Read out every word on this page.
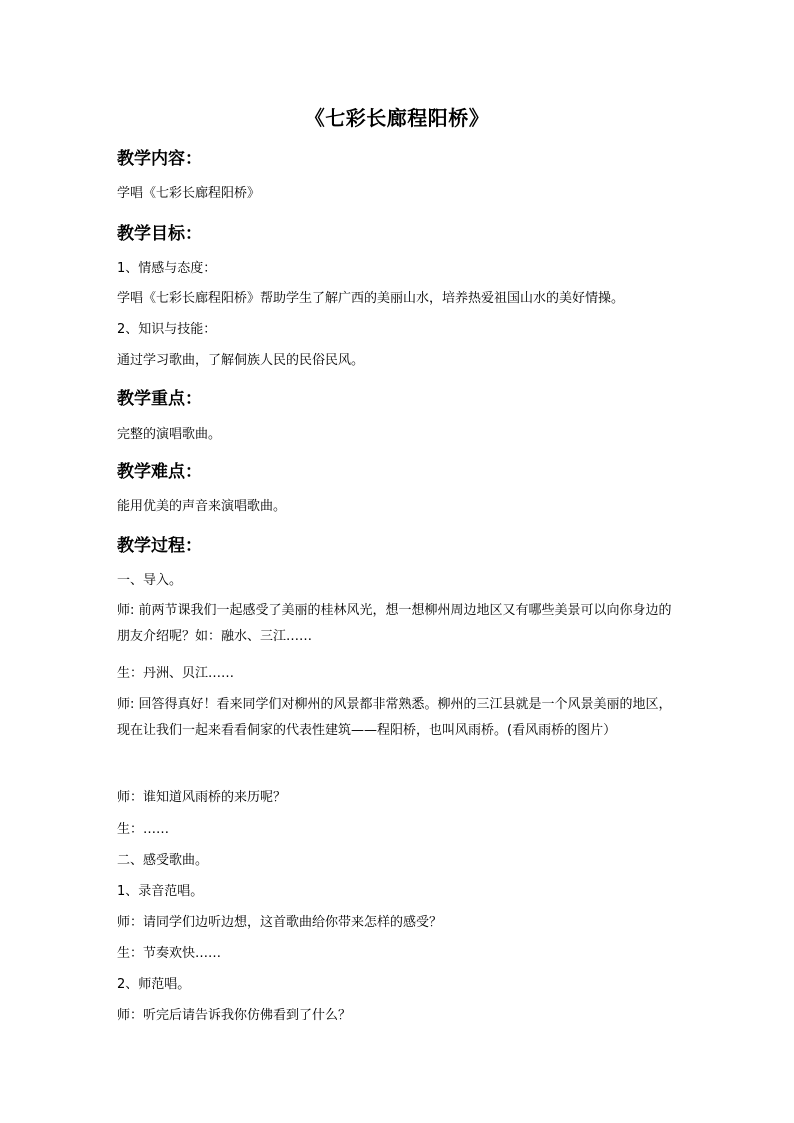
《七彩长廊程阳桥》
教学内容：
学唱《七彩长廊程阳桥》
教学目标：
1、情感与态度：
学唱《七彩长廊程阳桥》帮助学生了解广西的美丽山水，培养热爱祖国山水的美好情操。
2、知识与技能：
通过学习歌曲，了解侗族人民的民俗民风。
教学重点：
完整的演唱歌曲。
教学难点：
能用优美的声音来演唱歌曲。
教学过程：
一、导入。
师: 前两节课我们一起感受了美丽的桂林风光，想一想柳州周边地区又有哪些美景可以向你身边的朋友介绍呢？如：融水、三江……
生：丹洲、贝江……
师: 回答得真好！看来同学们对柳州的风景都非常熟悉。柳州的三江县就是一个风景美丽的地区，现在让我们一起来看看侗家的代表性建筑——程阳桥，也叫风雨桥。(看风雨桥的图片）
师：谁知道风雨桥的来历呢？
生：……
二、感受歌曲。
1、录音范唱。
师：请同学们边听边想，这首歌曲给你带来怎样的感受？
生：节奏欢快……
2、师范唱。
师：听完后请告诉我你仿佛看到了什么？
